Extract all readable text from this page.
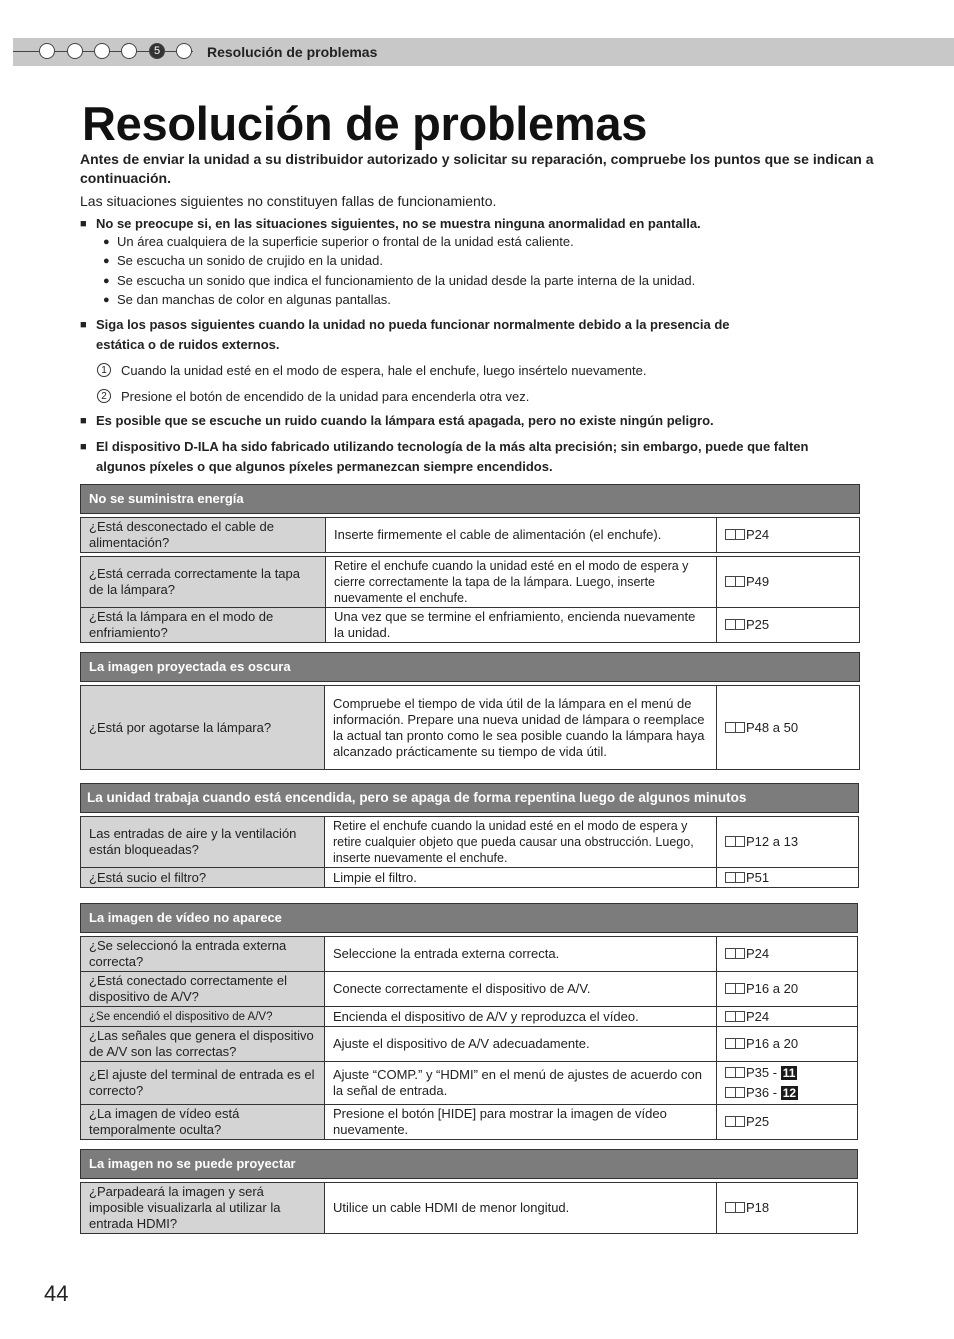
5	Resolución de problemas
Resolución de problemas
Antes de enviar la unidad a su distribuidor autorizado y solicitar su reparación, compruebe los puntos que se indican a continuación.
Las situaciones siguientes no constituyen fallas de funcionamiento.
■ No se preocupe si, en las situaciones siguientes, no se muestra ninguna anormalidad en pantalla.
● Un área cualquiera de la superficie superior o frontal de la unidad está caliente.
● Se escucha un sonido de crujido en la unidad.
● Se escucha un sonido que indica el funcionamiento de la unidad desde la parte interna de la unidad.
● Se dan manchas de color en algunas pantallas.
■ Siga los pasos siguientes cuando la unidad no pueda funcionar normalmente debido a la presencia de
estática o de ruidos externos.
1	Cuando la unidad esté en el modo de espera, hale el enchufe, luego insértelo nuevamente.
2	Presione el botón de encendido de la unidad para encenderla otra vez.
■ Es posible que se escuche un ruido cuando la lámpara está apagada, pero no existe ningún peligro.
■ El dispositivo D-ILA ha sido fabricado utilizando tecnología de la más alta precisión; sin embargo, puede que falten
algunos píxeles o que algunos píxeles permanezcan siempre encendidos.
No se suministra energía		

¿Está desconectado el cable de alimentación?	Inserte firmemente el cable de alimentación (el enchufe).	P24

¿Está cerrada correctamente la tapa de la lámpara?	Retire el enchufe cuando la unidad esté en el modo de espera y cierre correctamente la tapa de la lámpara. Luego, inserte nuevamente el enchufe.	P49
¿Está la lámpara en el modo de enfriamiento?	Una vez que se termine el enfriamiento, encienda nuevamente la unidad.	P25
La imagen proyectada es oscura

¿Está por agotarse la lámpara?	Compruebe el tiempo de vida útil de la lámpara en el menú de información. Prepare una nueva unidad de lámpara o reemplace la actual tan pronto como le sea posible cuando la lámpara haya alcanzado prácticamente su tiempo de vida útil.	P48 a 50
La unidad trabaja cuando está encendida, pero se apaga de forma repentina luego de algunos minutos		

Las entradas de aire y la ventilación están bloqueadas?	Retire el enchufe cuando la unidad esté en el modo de espera y retire cualquier objeto que pueda causar una obstrucción. Luego, inserte nuevamente el enchufe.	P12 a 13
¿Está sucio el filtro?	Limpie el filtro.	P51
La imagen de vídeo no aparece		

¿Se seleccionó la entrada externa correcta?	Seleccione la entrada externa correcta.	P24
¿Está conectado correctamente el dispositivo de A/V?	Conecte correctamente el dispositivo de A/V.	P16 a 20
¿Se encendió el dispositivo de A/V?	Encienda el dispositivo de A/V y reproduzca el vídeo.	P24
¿Las señales que genera el dispositivo de A/V son las correctas?	Ajuste el dispositivo de A/V adecuadamente.	P16 a 20
¿El ajuste del terminal de entrada es el correcto?	Ajuste “COMP.” y “HDMI” en el menú de ajustes de acuerdo con la señal de entrada.	P35 - 11
P36 - 12

¿La imagen de vídeo está temporalmente oculta?	Presione el botón [HIDE] para mostrar la imagen de vídeo nuevamente.	P25
La imagen no se puede proyectar

¿Parpadeará la imagen y será imposible visualizarla al utilizar la entrada HDMI?	Utilice un cable HDMI de menor longitud.	P18
44
